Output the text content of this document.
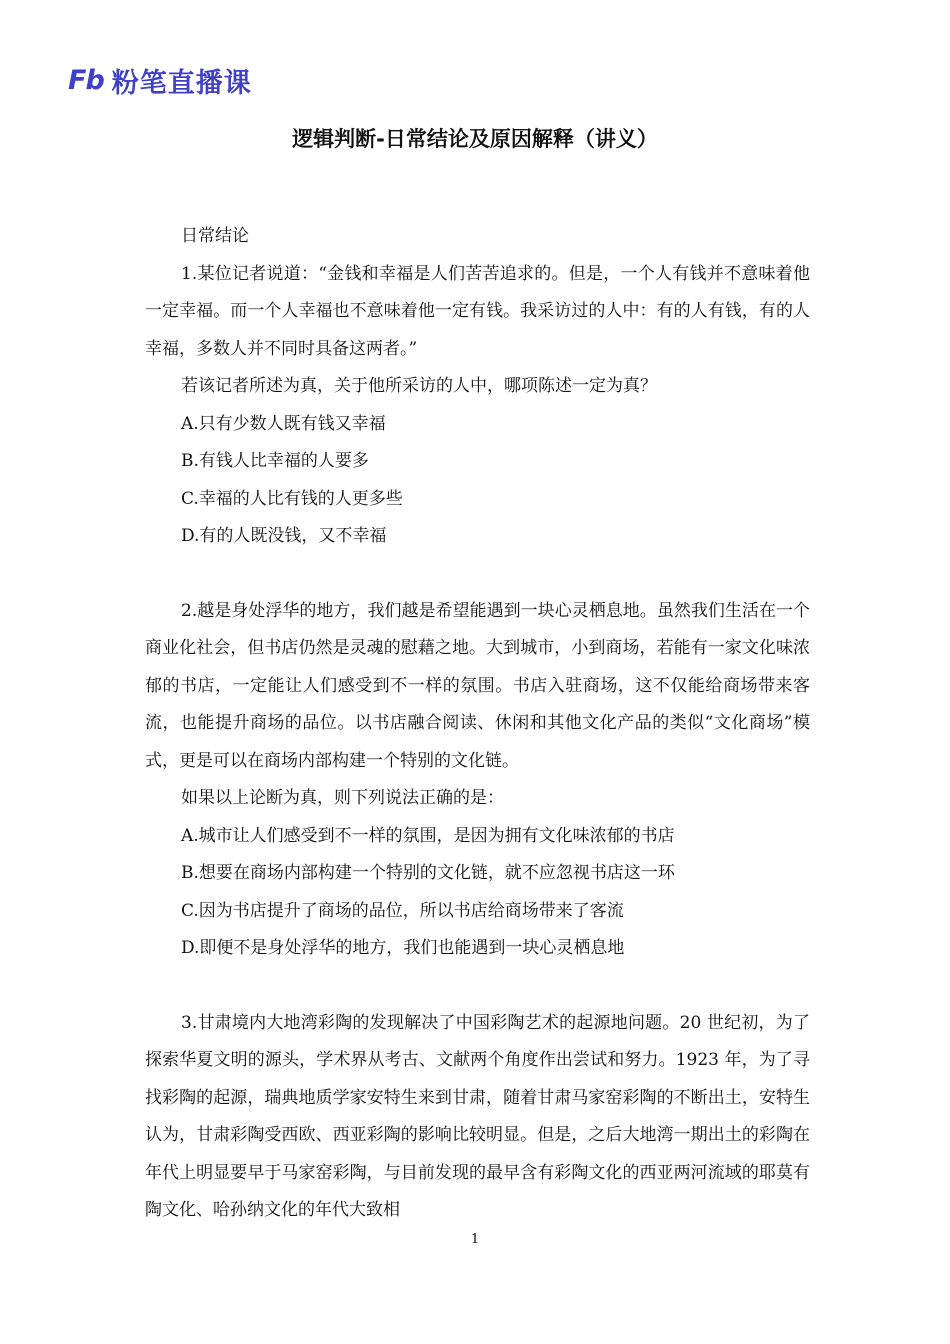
Fb 粉笔直播课
逻辑判断-日常结论及原因解释（讲义）

日常结论

1.某位记者说道：“金钱和幸福是人们苦苦追求的。但是，一个人有钱并不意味着他一定幸福。而一个人幸福也不意味着他一定有钱。我采访过的人中：有的人有钱，有的人幸福，多数人并不同时具备这两者。”

若该记者所述为真，关于他所采访的人中，哪项陈述一定为真？

A.只有少数人既有钱又幸福

B.有钱人比幸福的人要多

C.幸福的人比有钱的人更多些

D.有的人既没钱，又不幸福

2.越是身处浮华的地方，我们越是希望能遇到一块心灵栖息地。虽然我们生活在一个商业化社会，但书店仍然是灵魂的慰藉之地。大到城市，小到商场，若能有一家文化味浓郁的书店，一定能让人们感受到不一样的氛围。书店入驻商场，这不仅能给商场带来客流，也能提升商场的品位。以书店融合阅读、休闲和其他文化产品的类似“文化商场”模式，更是可以在商场内部构建一个特别的文化链。

如果以上论断为真，则下列说法正确的是：

A.城市让人们感受到不一样的氛围，是因为拥有文化味浓郁的书店

B.想要在商场内部构建一个特别的文化链，就不应忽视书店这一环

C.因为书店提升了商场的品位，所以书店给商场带来了客流

D.即便不是身处浮华的地方，我们也能遇到一块心灵栖息地

3.甘肃境内大地湾彩陶的发现解决了中国彩陶艺术的起源地问题。20 世纪初，为了探索华夏文明的源头，学术界从考古、文献两个角度作出尝试和努力。1923 年，为了寻找彩陶的起源，瑞典地质学家安特生来到甘肃，随着甘肃马家窑彩陶的不断出土，安特生认为，甘肃彩陶受西欧、西亚彩陶的影响比较明显。但是，之后大地湾一期出土的彩陶在年代上明显要早于马家窑彩陶，与目前发现的最早含有彩陶文化的西亚两河流域的耶莫有陶文化、哈孙纳文化的年代大致相

1
